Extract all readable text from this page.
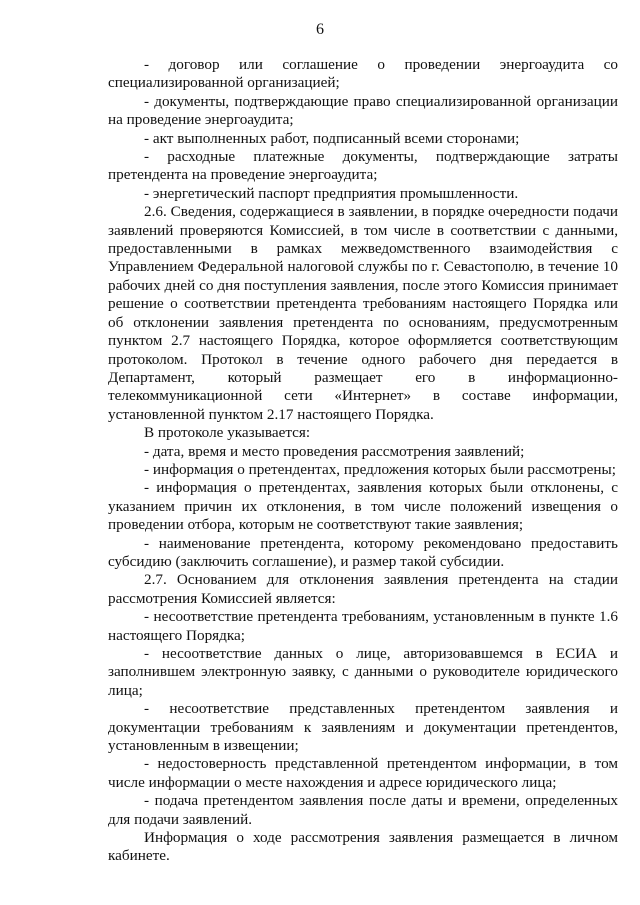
6

- договор или соглашение о проведении энергоаудита со специализированной организацией;

- документы, подтверждающие право специализированной организации на проведение энергоаудита;

- акт выполненных работ, подписанный всеми сторонами;

- расходные платежные документы, подтверждающие затраты претендента на проведение энергоаудита;

- энергетический паспорт предприятия промышленности.

2.6. Сведения, содержащиеся в заявлении, в порядке очередности подачи заявлений проверяются Комиссией, в том числе в соответствии с данными, предоставленными в рамках межведомственного взаимодействия с Управлением Федеральной налоговой службы по г. Севастополю, в течение 10 рабочих дней со дня поступления заявления, после этого Комиссия принимает решение о соответствии претендента требованиям настоящего Порядка или об отклонении заявления претендента по основаниям, предусмотренным пунктом 2.7 настоящего Порядка, которое оформляется соответствующим протоколом. Протокол в течение одного рабочего дня передается в Департамент, который размещает его в информационно-телекоммуникационной сети «Интернет» в составе информации, установленной пунктом 2.17 настоящего Порядка.

В протоколе указывается:

- дата, время и место проведения рассмотрения заявлений;

- информация о претендентах, предложения которых были рассмотрены;

- информация о претендентах, заявления которых были отклонены, с указанием причин их отклонения, в том числе положений извещения о проведении отбора, которым не соответствуют такие заявления;

- наименование претендента, которому рекомендовано предоставить субсидию (заключить соглашение), и размер такой субсидии.

2.7. Основанием для отклонения заявления претендента на стадии рассмотрения Комиссией является:

- несоответствие претендента требованиям, установленным в пункте 1.6 настоящего Порядка;

- несоответствие данных о лице, авторизовавшемся в ЕСИА и заполнившем электронную заявку, с данными о руководителе юридического лица;

- несоответствие представленных претендентом заявления и документации требованиям к заявлениям и документации претендентов, установленным в извещении;

- недостоверность представленной претендентом информации, в том числе информации о месте нахождения и адресе юридического лица;

- подача претендентом заявления после даты и времени, определенных для подачи заявлений.

Информация о ходе рассмотрения заявления размещается в личном кабинете.
